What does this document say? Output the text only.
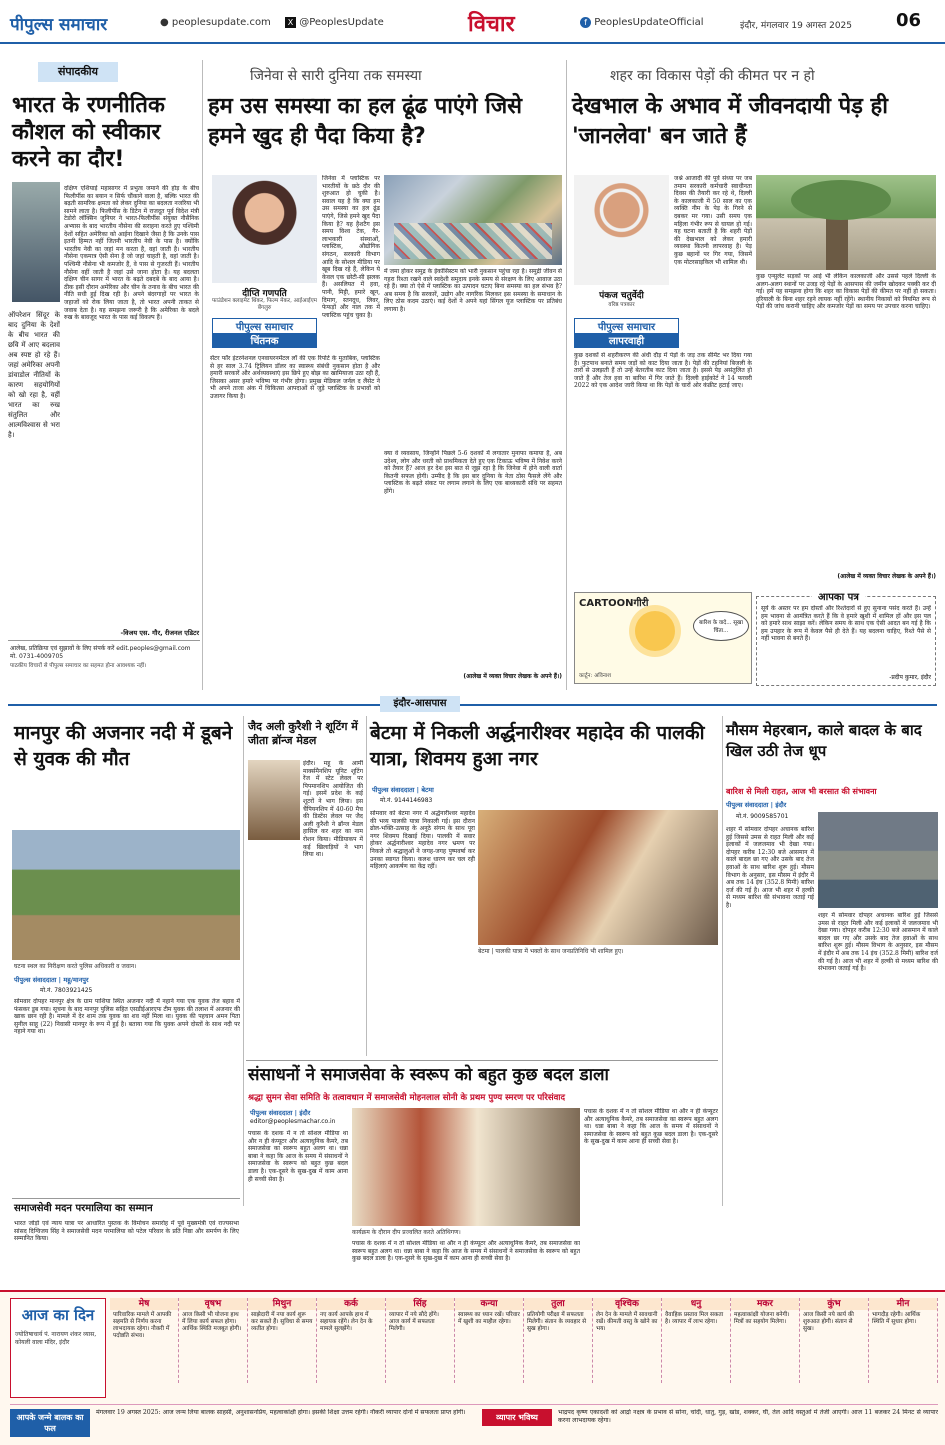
पीपुल्स समाचार	● peoplesupdate.com	X @PeoplesUpdate	विचार	f PeoplesUpdateOfficial	इंदौर, मंगलवार 19 अगस्त 2025 06
संपादकीय
भारत के रणनीतिक कौशल को स्वीकार करने का दौर!
ऑपरेशन सिंदूर के बाद दुनिया के देशों के बीच भारत की छवि में आए बदलाव अब स्पष्ट हो रहे हैं। जहां अमेरिका अपनी डांवाडोल नीतियों के कारण सहयोगियों को खो रहा है, वहीं भारत का रुख संतुलित और आत्मविश्वास से भरा है।
दक्षिण एशियाई महासागर में प्रभुत्व जमाने की होड़ के बीच फिलीपींस का बयान न सिर्फ चौंकाने वाला है, बल्कि भारत की बढ़ती सामरिक क्षमता को लेकर दुनिया का बदलता नजरिया भी सामने लाता है। फिलीपींस के डिटेन में राजदूत पूर्व विदेश मंत्री टेडोरो लॉक्सिन जूनियर ने भारत-फिलीपींस संयुक्त नौसैनिक अभ्यास के बाद भारतीय नौसेना की सराहना करते हुए पश्चिमी देशों सहित अमेरिका को आईना दिखाने जैसा है कि उनके पास इतनी हिम्मत नहीं जितनी भारतीय नेवी के पास है। क्योंकि भारतीय नेवी का जहां मन करता है, वहां जाती है। भारतीय नौसेना एकमात्र ऐसी सेना है जो जहां चाहती है, वहां जाती है। पश्चिमी नौसेना भी कमजोर हैं, वे पास से गुजरती हैं। भारतीय नौसेना वहीं जाती है जहां उसे जाना होता है। यह बदलता दक्षिण चीन सागर में भारत के बढ़ते दबदबे के बाद आया है। ठीक इसी दौरान अमेरिका और चीन के तनाव के बीच भारत की नीति सधी हुई दिख रही है। अपने बंदरगाहों पर भारत के जहाजों को रोक लिया जाता है, तो भारत अपनी ताकत से जवाब देता है। यह समझना जरूरी है कि अमेरिका के बदले रुख के बावजूद भारत के पास कई विकल्प हैं।
-विजय एस. गौर, रीजनल एडिटर
आलेख, प्रतिक्रिया एवं सुझावों के लिए संपर्क करें edit.peoples@gmail.com मो. 0731-4009705
पाठकीय विचारों से पीपुल्स समाचार का सहमत होना आवश्यक नहीं।
जिनेवा से सारी दुनिया तक समस्या
हम उस समस्या का हल ढूंढ पाएंगे जिसे हमने खुद ही पैदा किया है?
दीप्ति गणपति
फाउंडेशन क्लाइमेट थिंकर, फिल्म मेकर, आईआईएम बेंगलुरु
पीपुल्स समाचार
चिंतनक
जिनेवा में प्लास्टिक पर भारतीयों के छठे दौर की शुरुआत हो चुकी है। सवाल यह है कि क्या हम उस समस्या का हल ढूंढ पाएंगे, जिसे हमने खुद पैदा किया है? यह हैशटैग इस समय विश्व टेक, गैर-लाभकारी संस्थाओं, प्लास्टिक, औद्योगिक संगठन, सरकारी विभाग आदि के सोशल मीडिया पर खूब दिख रहे हैं, लेकिन ये केवल एक छोटी-सी झलक हैं। असलियत में हवा, पानी, मिट्टी, हमारे खून, दिमाग, स्तनदूध, लिवर, फेफड़ों और नाल तक में प्लास्टिक पहुंच चुका है।
सेंटर फॉर इंटरनेशनल एनवायरनमेंटल लॉ की एक रिपोर्ट के मुताबिक, प्लास्टिक से हर साल 3.74 ट्रिलियन डॉलर का स्वास्थ्य संबंधी नुकसान होता है और हमारी सरकारें और अर्थव्यवस्थाएं इस छिपे हुए बोझ का खामियाजा उठा रही हैं, जिसका असर हमारे भविष्य पर गंभीर होगा। प्रमुख मेडिकल जर्नल द लैंसेट ने भी अपने ताजा अंक में चिकित्सा आपदाओं से जुड़े प्लास्टिक के प्रभावों को उजागर किया है।
में जमा होकर समुद्र के ईकोसिस्टम को भारी नुकसान पहुंचा रहा है। समुद्री जीवन से गहरा रिश्ता रखने वाले स्वदेशी समुदाय इनके समय से संरक्षण के लिए आवाज उठा रहे हैं। क्या तो ऐसे में प्लास्टिक का उत्पादन घटाए बिना समस्या का हल संभव है? अब समय है कि सरकारें, उद्योग और नागरिक मिलकर इस समस्या के समाधान के लिए ठोस कदम उठाएं। कई देशों ने अपने यहां सिंगल यूज प्लास्टिक पर प्रतिबंध लगाया है।
क्या वे व्यवसाय, जिन्होंने पिछले 5-6 दशकों में लगातार मुनाफा कमाया है, अब उदेश्य, लोग और धरती को प्राथमिकता देते हुए एक टिकाऊ भविष्य में निवेश करने को तैयार हैं? आज हर देश इस बात से जूझ रहा है कि जिनेवा में होने वाली वार्ता कितनी सफल होगी। उम्मीद है कि इस बार दुनिया के नेता ठोस फैसले लेंगे और प्लास्टिक के बढ़ते संकट पर लगाम लगाने के लिए एक बाध्यकारी संधि पर सहमत होंगे।
(आलेख में व्यक्त विचार लेखक के अपने हैं।)
शहर का विकास पेड़ों की कीमत पर न हो
देखभाल के अभाव में जीवनदायी पेड़ ही 'जानलेवा' बन जाते हैं
पंकज चतुर्वेदी
वरिष्ठ पत्रकार
पीपुल्स समाचार
लापरवाही
जश्ने आजादी की पूर्व संध्या पर जब तमाम सरकारी कर्मचारी स्वाधीनता दिवस की तैयारी कर रहे थे, दिल्ली के कालकाजी में 50 साल का एक व्यक्ति नीम के पेड़ के गिरने से दबकर मर गया। उसी समय एक महिला गंभीर रूप से घायल हो गई। यह घटना बताती है कि शहरी पेड़ों की देखभाल को लेकर हमारी व्यवस्था कितनी लापरवाह है। पेड़ कुछ बहानों पर गिर गया, जिसमें एक मोटरसाइकिल भी शामिल थी।
कुछ दशकों से शहरीकरण की अंधी दौड़ में पेड़ों के जड़ तक सीमेंट भर दिया गया है। फुटपाथ बनाते समय जड़ों को काट दिया जाता है। पेड़ों की टहनियां बिजली के तारों से उलझती हैं तो उन्हें बेतरतीब काट दिया जाता है। इससे पेड़ असंतुलित हो जाते हैं और तेज हवा या बारिश में गिर जाते हैं। दिल्ली हाईकोर्ट ने 14 फरवरी 2022 को एक आदेश जारी किया था कि पेड़ों के चारों ओर कंक्रीट हटाई जाए।
कुछ एन्सुलेट सड़कों पर आई भी लेकिन कालकाजी और उससे पहले दिल्ली के अलग-अलग स्थानों पर उजड़ रहे पेड़ों के आसपास की जमीन खोदकर पक्की कर दी गई। हमें यह समझना होगा कि शहर का विकास पेड़ों की कीमत पर नहीं हो सकता। हरियाली के बिना शहर रहने लायक नहीं रहेंगे। स्थानीय निकायों को नियमित रूप से पेड़ों की जांच करानी चाहिए और कमजोर पेड़ों का समय पर उपचार करना चाहिए।
(आलेख में व्यक्त विचार लेखक के अपने हैं।)
CARTOONगीरी
बारिश के वादे... सूखा चिंता...
कार्टून: अविनाश
आपका पत्र
सूर्य के अस्तर पर हम दोस्तों और रिश्तेदारों से हुए सुनाना पसंद करते हैं। उन्हें हम भावना से आमंत्रित करते हैं कि वे हमारे खुशी में शामिल हों और इस पल को हमारे साथ साझा करें। लेकिन समय के साथ एक ऐसी आदत बन गई है कि हम उपहार के रूप में केवल पैसे ही देते हैं। यह बदलना चाहिए, रिश्ते पैसे से नहीं भावना से बनते हैं।
-प्रदीप कुमार, इंदौर
इंदौर-आसपास
मानपुर की अजनार नदी में डूबने से युवक की मौत
घटना स्थल का निरीक्षण करते पुलिस अधिकारी व जवान।
पीपुल्स संवाददाता | महू/मानपुर
मो.नं. 7803921425
सोमवार दोपहर मानपुर क्षेत्र के ग्राम पाशिया स्थित अजनार नदी में नहाने गया एक युवक तेज बहाव में फंसकर डूब गया। सूचना के बाद मानपुर पुलिस सहित एसडीईआरएफ टीम युवक की तलाश में अजनार की खाक छान रही है। मामले में देर शाम तक युवक का शव नहीं मिला था। युवक की पहचान अमन पिता सुनील साहू (22) निवासी मानपुर के रूप में हुई है। बताया गया कि युवक अपने दोस्तों के साथ नदी पर नहाने गया था।
जैद अली कुरैशी ने शूटिंग में जीता ब्रॉन्ज मेडल
इंदौर। महू के आर्मी मार्क्समैनशिप यूनिट शूटिंग रेंज में स्टेट लेवल पर पिपमानशिप आयोजित की गई। इसमें प्रदेश के कई शूटरों ने भाग लिया। इस चैंपियनशिप में 40-60 मैच की डिस्टेंस लेवल पर जैद अली कुरैशी ने ब्रॉन्ज मेडल हासिल कर शहर का नाम रोशन किया। मीडियाकप में कई खिलाड़ियों ने भाग लिया था।
बेटमा में निकली अर्द्धनारीश्वर महादेव की पालकी यात्रा, शिवमय हुआ नगर
पीपुल्स संवाददाता | बेटमा
मो.नं. 9144146983
सोमवार को बेटमा नगर में अर्द्धनारीश्वर महादेव की भव्य पालकी यात्रा निकाली गई। इस दौरान ढोल-भक्ति-उत्साह के अनूठे संगम के साथ पूरा नगर शिवमय दिखाई दिया। पालकी में सवार होकर अर्द्धनारीश्वर महादेव नगर भ्रमण पर निकले तो श्रद्धालुओं ने जगह-जगह पुष्पवर्षा कर उनका स्वागत किया। कलश धारण कर चल रही महिलाएं आकर्षण का केंद्र रहीं।
बेटमा | पालकी यात्रा में भक्तों के साथ जनप्रतिनिधि भी शामिल हुए।
मौसम मेहरबान, काले बादल के बाद खिल उठी तेज धूप
बारिश से मिली राहत, आज भी बरसात की संभावना
पीपुल्स संवाददाता | इंदौर
मो.नं. 9009585701
शहर में सोमवार दोपहर अचानक बारिश हुई जिससे उमस से राहत मिली और कई इलाकों में जलजमाव भी देखा गया। दोपहर करीब 12:30 बजे आसमान में काले बादल छा गए और उसके बाद तेज हवाओं के साथ बारिश शुरू हुई। मौसम विभाग के अनुसार, इस मौसम में इंदौर में अब तक 14 इंच (352.8 मिमी) बारिश दर्ज की गई है। आज भी शहर में हल्की से मध्यम बारिश की संभावना जताई गई है।
शहर में सोमवार दोपहर अचानक बारिश हुई जिससे उमस से राहत मिली और कई इलाकों में जलजमाव भी देखा गया। दोपहर करीब 12:30 बजे आसमान में काले बादल छा गए और उसके बाद तेज हवाओं के साथ बारिश शुरू हुई। मौसम विभाग के अनुसार, इस मौसम में इंदौर में अब तक 14 इंच (352.8 मिमी) बारिश दर्ज की गई है। आज भी शहर में हल्की से मध्यम बारिश की संभावना जताई गई है।
समाजसेवी मदन परमालिया का सम्मान
भारत जोड़ो एवं न्याय यात्रा पर आधारित पुस्तक के विमोचन समारोह में पूर्व मुख्यमंत्री एवं राज्यसभा सांसद दिग्विजय सिंह ने समाजसेवी मदन परमालिया को पटेल परिवार के प्रति निष्ठा और समर्पण के लिए सम्मानित किया।
संसाधनों ने समाजसेवा के स्वरूप को बहुत कुछ बदल डाला
श्रद्धा सुमन सेवा समिति के तत्वावधान में समाजसेवी मोहनलाल सोनी के प्रथम पुण्य स्मरण पर परिसंवाद
पीपुल्स संवाददाता | इंदौर
editor@peoplesmachar.co.in
पचास के दशक में न तो सोशल मीडिया था और न ही कंप्यूटर और अत्याधुनिक कैमरे, तब समाजसेवा का स्वरूप बहुत अलग था। धन्ना बाबा ने कहा कि आज के समय में संसाधनों ने समाजसेवा के स्वरूप को बहुत कुछ बदल डाला है। एक-दूसरे के सुख-दुख में काम आना ही सच्ची सेवा है।
कार्यक्रम के दौरान दीप प्रज्वलित करते अतिथिगण।
पचास के दशक में न तो सोशल मीडिया था और न ही कंप्यूटर और अत्याधुनिक कैमरे, तब समाजसेवा का स्वरूप बहुत अलग था। धन्ना बाबा ने कहा कि आज के समय में संसाधनों ने समाजसेवा के स्वरूप को बहुत कुछ बदल डाला है। एक-दूसरे के सुख-दुख में काम आना ही सच्ची सेवा है।
पचास के दशक में न तो सोशल मीडिया था और न ही कंप्यूटर और अत्याधुनिक कैमरे, तब समाजसेवा का स्वरूप बहुत अलग था। धन्ना बाबा ने कहा कि आज के समय में संसाधनों ने समाजसेवा के स्वरूप को बहुत कुछ बदल डाला है। एक-दूसरे के सुख-दुख में काम आना ही सच्ची सेवा है।
आज का दिन
ज्योतिषाचार्य पं. नारायण शंकर व्यास, कोयली वाला मंदिर, इंदौर
मेष
पारिवारिक मामले में आपकी सहमति से निर्णय करना लाभदायक रहेगा। नौकरी में पदोन्नति संभव।
वृषभ
आज किसी भी योजना हाथ में लिया कार्य सफल होगा। आर्थिक स्थिति मजबूत होगी।
मिथुन
साझेदारी में नया कार्य शुरू कर सकते हैं। सुविधा से समय व्यतीत होगा।
कर्क
नए कार्य आपके हाथ में सहायक रहेंगे। लेन देन के मामले सुलझेंगे।
सिंह
व्यापार में नये सौदे होंगे। आज कार्य में सफलता मिलेगी।
कन्या
स्वास्थ्य का ध्यान रखें। परिवार में खुशी का माहौल रहेगा।
तुला
प्रतियोगी परीक्षा में सफलता मिलेगी। संतान के व्यवहार से सुख होगा।
वृश्चिक
लेन देन के मामले में सावधानी रखें। कीमती वस्तु के खोने का भय।
धनु
वैवाहिक प्रस्ताव मिल सकता है। व्यापार में लाभ रहेगा।
मकर
महत्वाकांक्षी योजना बनेगी। मित्रों का सहयोग मिलेगा।
कुंभ
आज किसी नये कार्य की शुरुआत होगी। संतान से सुख।
मीन
भागदौड़ रहेगी। आर्थिक स्थिति में सुधार होगा।
आपके जन्मे बालक का फल
मंगलवार 19 अगस्त 2025: आज जन्म लिया बालक साहसी, अनुशासनप्रिय, महत्वाकांक्षी होगा। इसकी शिक्षा उत्तम रहेगी। नौकरी व्यापार दोनों में सफलता प्राप्त होगी।
व्यापार भविष्य
भाद्रपद कृष्ण एकादशी को आर्द्रा नक्षत्र के प्रभाव से सोना, चांदी, धातु, गुड़, खांड, शक्कर, घी, तेल आदि वस्तुओं में तेजी आएगी। आज 11 बजकर 24 मिनट से व्यापार करना लाभदायक रहेगा।
